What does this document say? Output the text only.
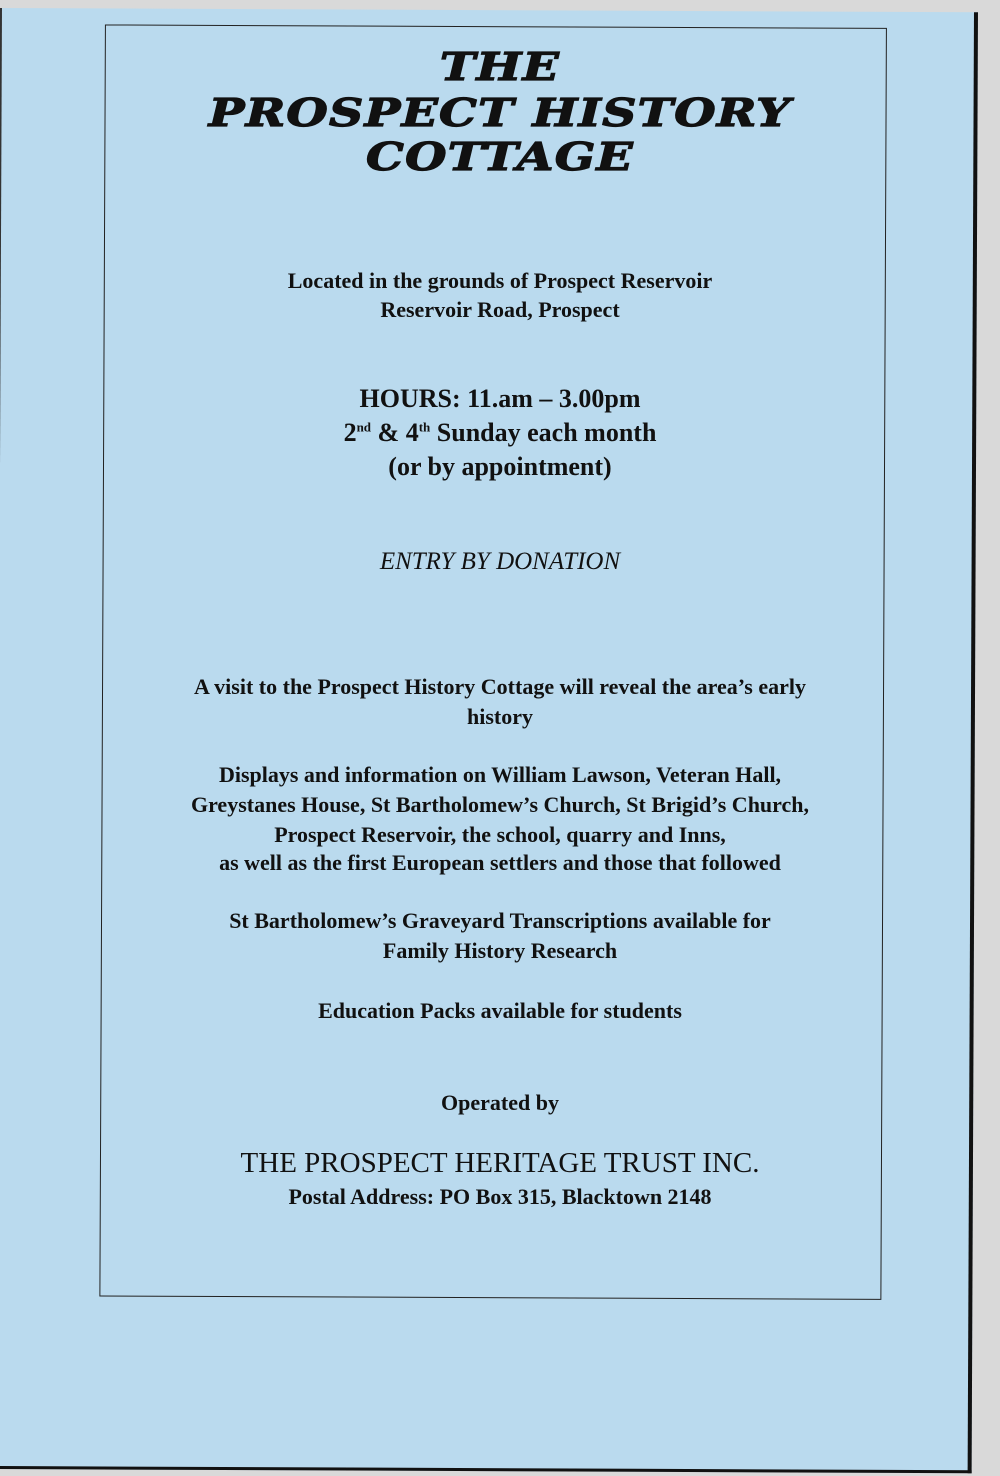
THE
PROSPECT HISTORY
COTTAGE
Located in the grounds of Prospect Reservoir
Reservoir Road, Prospect
HOURS: 11.am – 3.00pm
2nd & 4th Sunday each month
(or by appointment)
ENTRY BY DONATION
A visit to the Prospect History Cottage will reveal the area’s early
history
Displays and information on William Lawson, Veteran Hall,
Greystanes House, St Bartholomew’s Church, St Brigid’s Church,
Prospect Reservoir, the school, quarry and Inns,
as well as the first European settlers and those that followed
St Bartholomew’s Graveyard Transcriptions available for
Family History Research
Education Packs available for students
Operated by
THE PROSPECT HERITAGE TRUST INC.
Postal Address: PO Box 315, Blacktown 2148
